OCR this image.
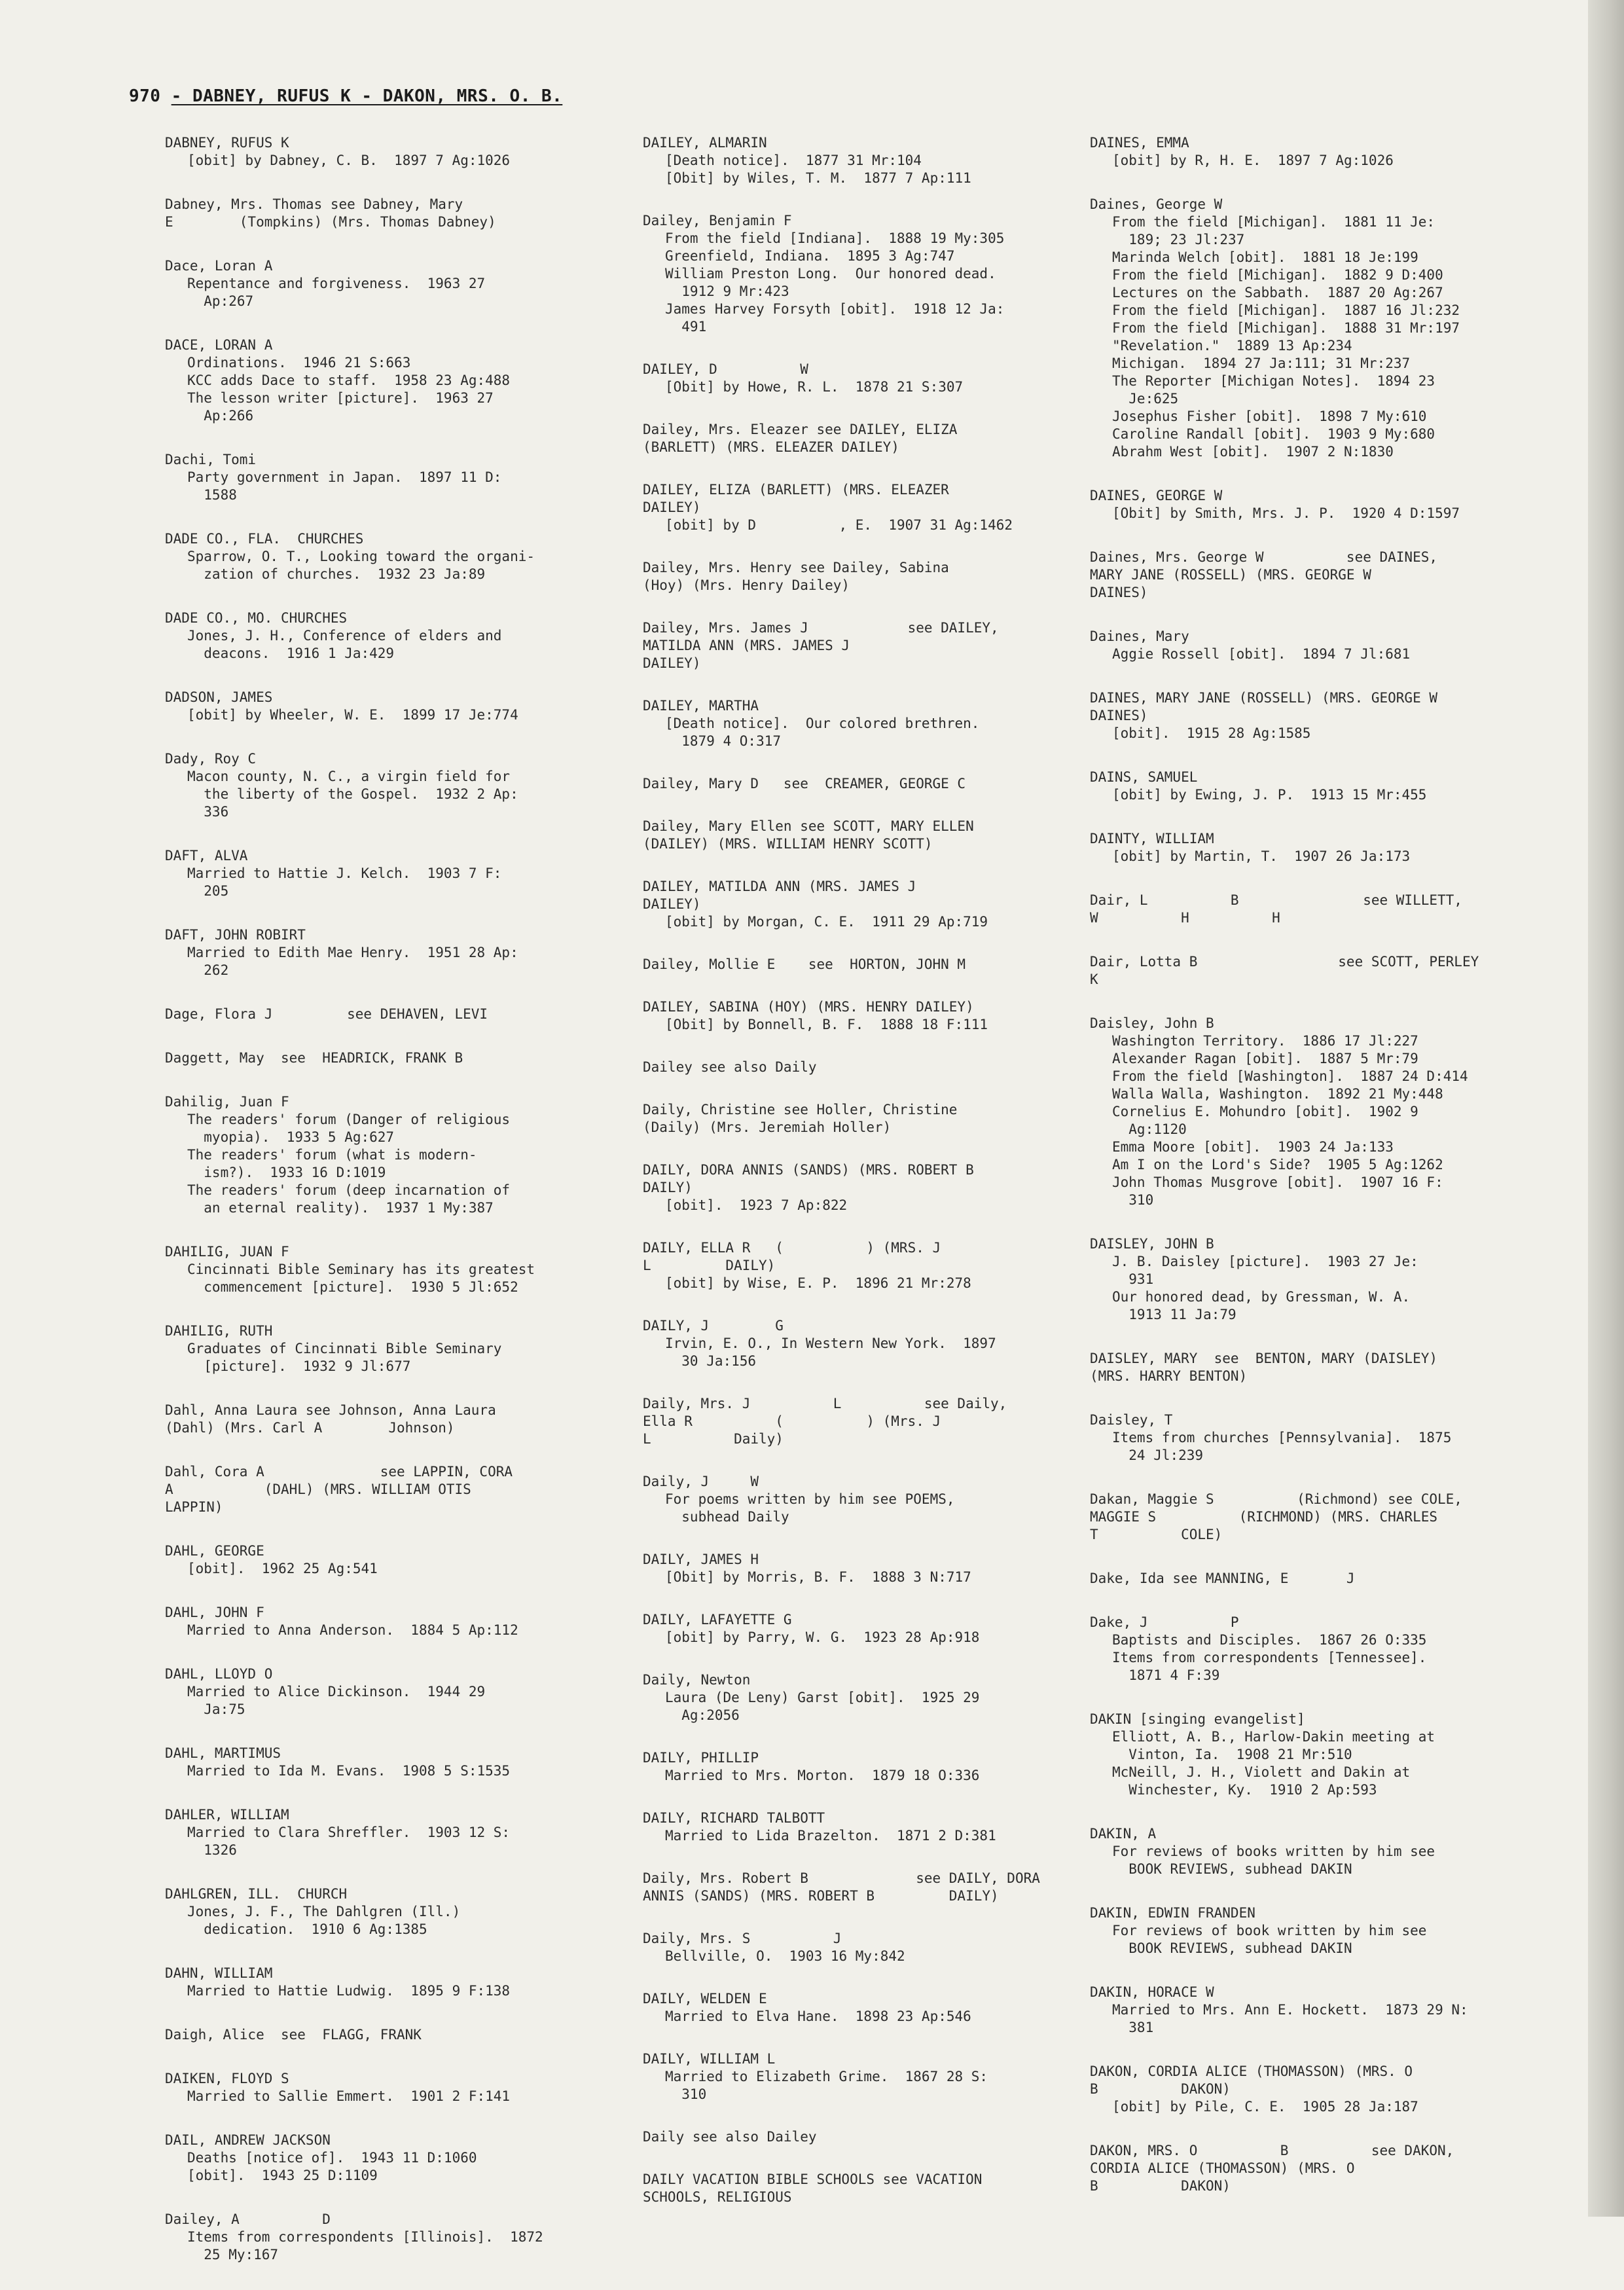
970 - DABNEY, RUFUS K - DAKON, MRS. O. B.
DABNEY, RUFUS K
[obit] by Dabney, C. B.  1897 7 Ag:1026
Dabney, Mrs. Thomas see Dabney, Mary
E        (Tompkins) (Mrs. Thomas Dabney)
Dace, Loran A
Repentance and forgiveness.  1963 27
Ap:267
DACE, LORAN A
Ordinations.  1946 21 S:663
KCC adds Dace to staff.  1958 23 Ag:488
The lesson writer [picture].  1963 27
Ap:266
Dachi, Tomi
Party government in Japan.  1897 11 D:
1588
DADE CO., FLA.  CHURCHES
Sparrow, O. T., Looking toward the organi-
zation of churches.  1932 23 Ja:89
DADE CO., MO. CHURCHES
Jones, J. H., Conference of elders and
deacons.  1916 1 Ja:429
DADSON, JAMES
[obit] by Wheeler, W. E.  1899 17 Je:774
Dady, Roy C
Macon county, N. C., a virgin field for
the liberty of the Gospel.  1932 2 Ap:
336
DAFT, ALVA
Married to Hattie J. Kelch.  1903 7 F:
205
DAFT, JOHN ROBIRT
Married to Edith Mae Henry.  1951 28 Ap:
262
Dage, Flora J         see DEHAVEN, LEVI
Daggett, May  see  HEADRICK, FRANK B
Dahilig, Juan F
The readers' forum (Danger of religious
myopia).  1933 5 Ag:627
The readers' forum (what is modern-
ism?).  1933 16 D:1019
The readers' forum (deep incarnation of
an eternal reality).  1937 1 My:387
DAHILIG, JUAN F
Cincinnati Bible Seminary has its greatest
commencement [picture].  1930 5 Jl:652
DAHILIG, RUTH
Graduates of Cincinnati Bible Seminary
[picture].  1932 9 Jl:677
Dahl, Anna Laura see Johnson, Anna Laura
(Dahl) (Mrs. Carl A        Johnson)
Dahl, Cora A              see LAPPIN, CORA
A           (DAHL) (MRS. WILLIAM OTIS
LAPPIN)
DAHL, GEORGE
[obit].  1962 25 Ag:541
DAHL, JOHN F
Married to Anna Anderson.  1884 5 Ap:112
DAHL, LLOYD O
Married to Alice Dickinson.  1944 29
Ja:75
DAHL, MARTIMUS
Married to Ida M. Evans.  1908 5 S:1535
DAHLER, WILLIAM
Married to Clara Shreffler.  1903 12 S:
1326
DAHLGREN, ILL.  CHURCH
Jones, J. F., The Dahlgren (Ill.)
dedication.  1910 6 Ag:1385
DAHN, WILLIAM
Married to Hattie Ludwig.  1895 9 F:138
Daigh, Alice  see  FLAGG, FRANK
DAIKEN, FLOYD S
Married to Sallie Emmert.  1901 2 F:141
DAIL, ANDREW JACKSON
Deaths [notice of].  1943 11 D:1060
[obit].  1943 25 D:1109
Dailey, A          D
Items from correspondents [Illinois].  1872
25 My:167
DAILEY, ALMARIN
[Death notice].  1877 31 Mr:104
[Obit] by Wiles, T. M.  1877 7 Ap:111
Dailey, Benjamin F
From the field [Indiana].  1888 19 My:305
Greenfield, Indiana.  1895 3 Ag:747
William Preston Long.  Our honored dead.
1912 9 Mr:423
James Harvey Forsyth [obit].  1918 12 Ja:
491
DAILEY, D          W
[Obit] by Howe, R. L.  1878 21 S:307
Dailey, Mrs. Eleazer see DAILEY, ELIZA
(BARLETT) (MRS. ELEAZER DAILEY)
DAILEY, ELIZA (BARLETT) (MRS. ELEAZER
DAILEY)
[obit] by D          , E.  1907 31 Ag:1462
Dailey, Mrs. Henry see Dailey, Sabina
(Hoy) (Mrs. Henry Dailey)
Dailey, Mrs. James J            see DAILEY,
MATILDA ANN (MRS. JAMES J
DAILEY)
DAILEY, MARTHA
[Death notice].  Our colored brethren.
1879 4 O:317
Dailey, Mary D   see  CREAMER, GEORGE C
Dailey, Mary Ellen see SCOTT, MARY ELLEN
(DAILEY) (MRS. WILLIAM HENRY SCOTT)
DAILEY, MATILDA ANN (MRS. JAMES J
DAILEY)
[obit] by Morgan, C. E.  1911 29 Ap:719
Dailey, Mollie E    see  HORTON, JOHN M
DAILEY, SABINA (HOY) (MRS. HENRY DAILEY)
[Obit] by Bonnell, B. F.  1888 18 F:111
Dailey see also Daily
Daily, Christine see Holler, Christine
(Daily) (Mrs. Jeremiah Holler)
DAILY, DORA ANNIS (SANDS) (MRS. ROBERT B
DAILY)
[obit].  1923 7 Ap:822
DAILY, ELLA R   (          ) (MRS. J
L         DAILY)
[obit] by Wise, E. P.  1896 21 Mr:278
DAILY, J        G
Irvin, E. O., In Western New York.  1897
30 Ja:156
Daily, Mrs. J          L          see Daily,
Ella R          (          ) (Mrs. J
L          Daily)
Daily, J     W
For poems written by him see POEMS,
subhead Daily
DAILY, JAMES H
[Obit] by Morris, B. F.  1888 3 N:717
DAILY, LAFAYETTE G
[obit] by Parry, W. G.  1923 28 Ap:918
Daily, Newton
Laura (De Leny) Garst [obit].  1925 29
Ag:2056
DAILY, PHILLIP
Married to Mrs. Morton.  1879 18 O:336
DAILY, RICHARD TALBOTT
Married to Lida Brazelton.  1871 2 D:381
Daily, Mrs. Robert B             see DAILY, DORA
ANNIS (SANDS) (MRS. ROBERT B         DAILY)
Daily, Mrs. S          J
Bellville, O.  1903 16 My:842
DAILY, WELDEN E
Married to Elva Hane.  1898 23 Ap:546
DAILY, WILLIAM L
Married to Elizabeth Grime.  1867 28 S:
310
Daily see also Dailey
DAILY VACATION BIBLE SCHOOLS see VACATION
SCHOOLS, RELIGIOUS
DAINES, EMMA
[obit] by R, H. E.  1897 7 Ag:1026
Daines, George W
From the field [Michigan].  1881 11 Je:
189; 23 Jl:237
Marinda Welch [obit].  1881 18 Je:199
From the field [Michigan].  1882 9 D:400
Lectures on the Sabbath.  1887 20 Ag:267
From the field [Michigan].  1887 16 Jl:232
From the field [Michigan].  1888 31 Mr:197
"Revelation."  1889 13 Ap:234
Michigan.  1894 27 Ja:111; 31 Mr:237
The Reporter [Michigan Notes].  1894 23
Je:625
Josephus Fisher [obit].  1898 7 My:610
Caroline Randall [obit].  1903 9 My:680
Abrahm West [obit].  1907 2 N:1830
DAINES, GEORGE W
[Obit] by Smith, Mrs. J. P.  1920 4 D:1597
Daines, Mrs. George W          see DAINES,
MARY JANE (ROSSELL) (MRS. GEORGE W
DAINES)
Daines, Mary
Aggie Rossell [obit].  1894 7 Jl:681
DAINES, MARY JANE (ROSSELL) (MRS. GEORGE W
DAINES)
[obit].  1915 28 Ag:1585
DAINS, SAMUEL
[obit] by Ewing, J. P.  1913 15 Mr:455
DAINTY, WILLIAM
[obit] by Martin, T.  1907 26 Ja:173
Dair, L          B               see WILLETT,
W          H          H
Dair, Lotta B                 see SCOTT, PERLEY
K
Daisley, John B
Washington Territory.  1886 17 Jl:227
Alexander Ragan [obit].  1887 5 Mr:79
From the field [Washington].  1887 24 D:414
Walla Walla, Washington.  1892 21 My:448
Cornelius E. Mohundro [obit].  1902 9
Ag:1120
Emma Moore [obit].  1903 24 Ja:133
Am I on the Lord's Side?  1905 5 Ag:1262
John Thomas Musgrove [obit].  1907 16 F:
310
DAISLEY, JOHN B
J. B. Daisley [picture].  1903 27 Je:
931
Our honored dead, by Gressman, W. A.
1913 11 Ja:79
DAISLEY, MARY  see  BENTON, MARY (DAISLEY)
(MRS. HARRY BENTON)
Daisley, T
Items from churches [Pennsylvania].  1875
24 Jl:239
Dakan, Maggie S          (Richmond) see COLE,
MAGGIE S          (RICHMOND) (MRS. CHARLES
T          COLE)
Dake, Ida see MANNING, E       J
Dake, J          P
Baptists and Disciples.  1867 26 O:335
Items from correspondents [Tennessee].
1871 4 F:39
DAKIN [singing evangelist]
Elliott, A. B., Harlow-Dakin meeting at
Vinton, Ia.  1908 21 Mr:510
McNeill, J. H., Violett and Dakin at
Winchester, Ky.  1910 2 Ap:593
DAKIN, A
For reviews of books written by him see
BOOK REVIEWS, subhead DAKIN
DAKIN, EDWIN FRANDEN
For reviews of book written by him see
BOOK REVIEWS, subhead DAKIN
DAKIN, HORACE W
Married to Mrs. Ann E. Hockett.  1873 29 N:
381
DAKON, CORDIA ALICE (THOMASSON) (MRS. O
B          DAKON)
[obit] by Pile, C. E.  1905 28 Ja:187
DAKON, MRS. O          B          see DAKON,
CORDIA ALICE (THOMASSON) (MRS. O
B          DAKON)
